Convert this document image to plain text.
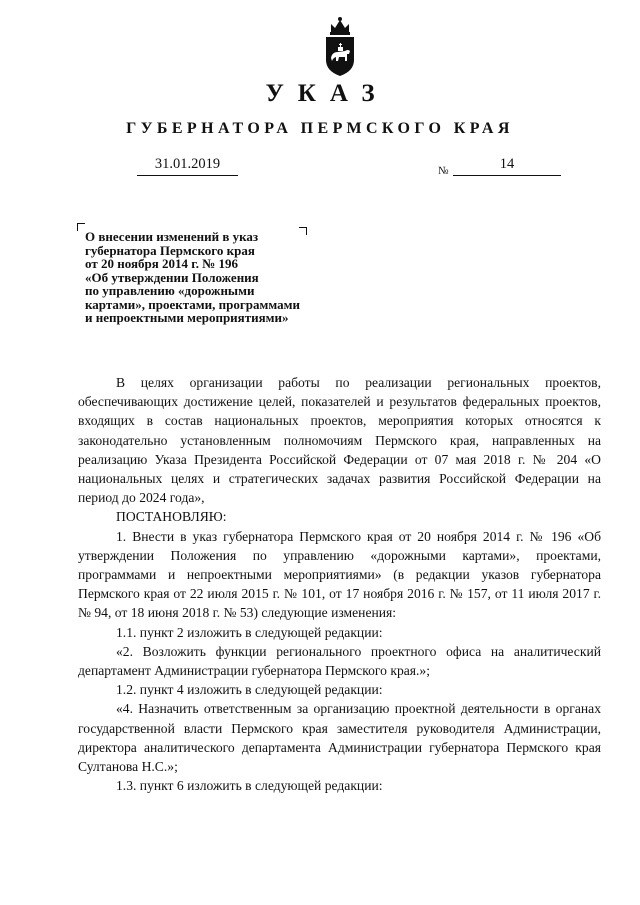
УКАЗ
ГУБЕРНАТОРА ПЕРМСКОГО КРАЯ
31.01.2019	№	14
О внесении изменений в указ
губернатора Пермского края
от 20 ноября 2014 г. № 196
«Об утверждении Положения
по управлению «дорожными
картами», проектами, программами
и непроектными мероприятиями»

В целях организации работы по реализации региональных проектов, обеспечивающих достижение целей, показателей и результатов федеральных проектов, входящих в состав национальных проектов, мероприятия которых относятся к законодательно установленным полномочиям Пермского края, направленных на реализацию Указа Президента Российской Федерации от 07 мая 2018 г. № 204 «О национальных целях и стратегических задачах развития Российской Федерации на период до 2024 года»,

ПОСТАНОВЛЯЮ:

1. Внести в указ губернатора Пермского края от 20 ноября 2014 г. № 196 «Об утверждении Положения по управлению «дорожными картами», проектами, программами и непроектными мероприятиями» (в редакции указов губернатора Пермского края от 22 июля 2015 г. № 101, от 17 ноября 2016 г. № 157, от 11 июля 2017 г. № 94, от 18 июня 2018 г. № 53) следующие изменения:

1.1. пункт 2 изложить в следующей редакции:

«2. Возложить функции регионального проектного офиса на аналитический департамент Администрации губернатора Пермского края.»;

1.2. пункт 4 изложить в следующей редакции:

«4. Назначить ответственным за организацию проектной деятельности в органах государственной власти Пермского края заместителя руководителя Администрации, директора аналитического департамента Администрации губернатора Пермского края Султанова Н.С.»;

1.3. пункт 6 изложить в следующей редакции:
